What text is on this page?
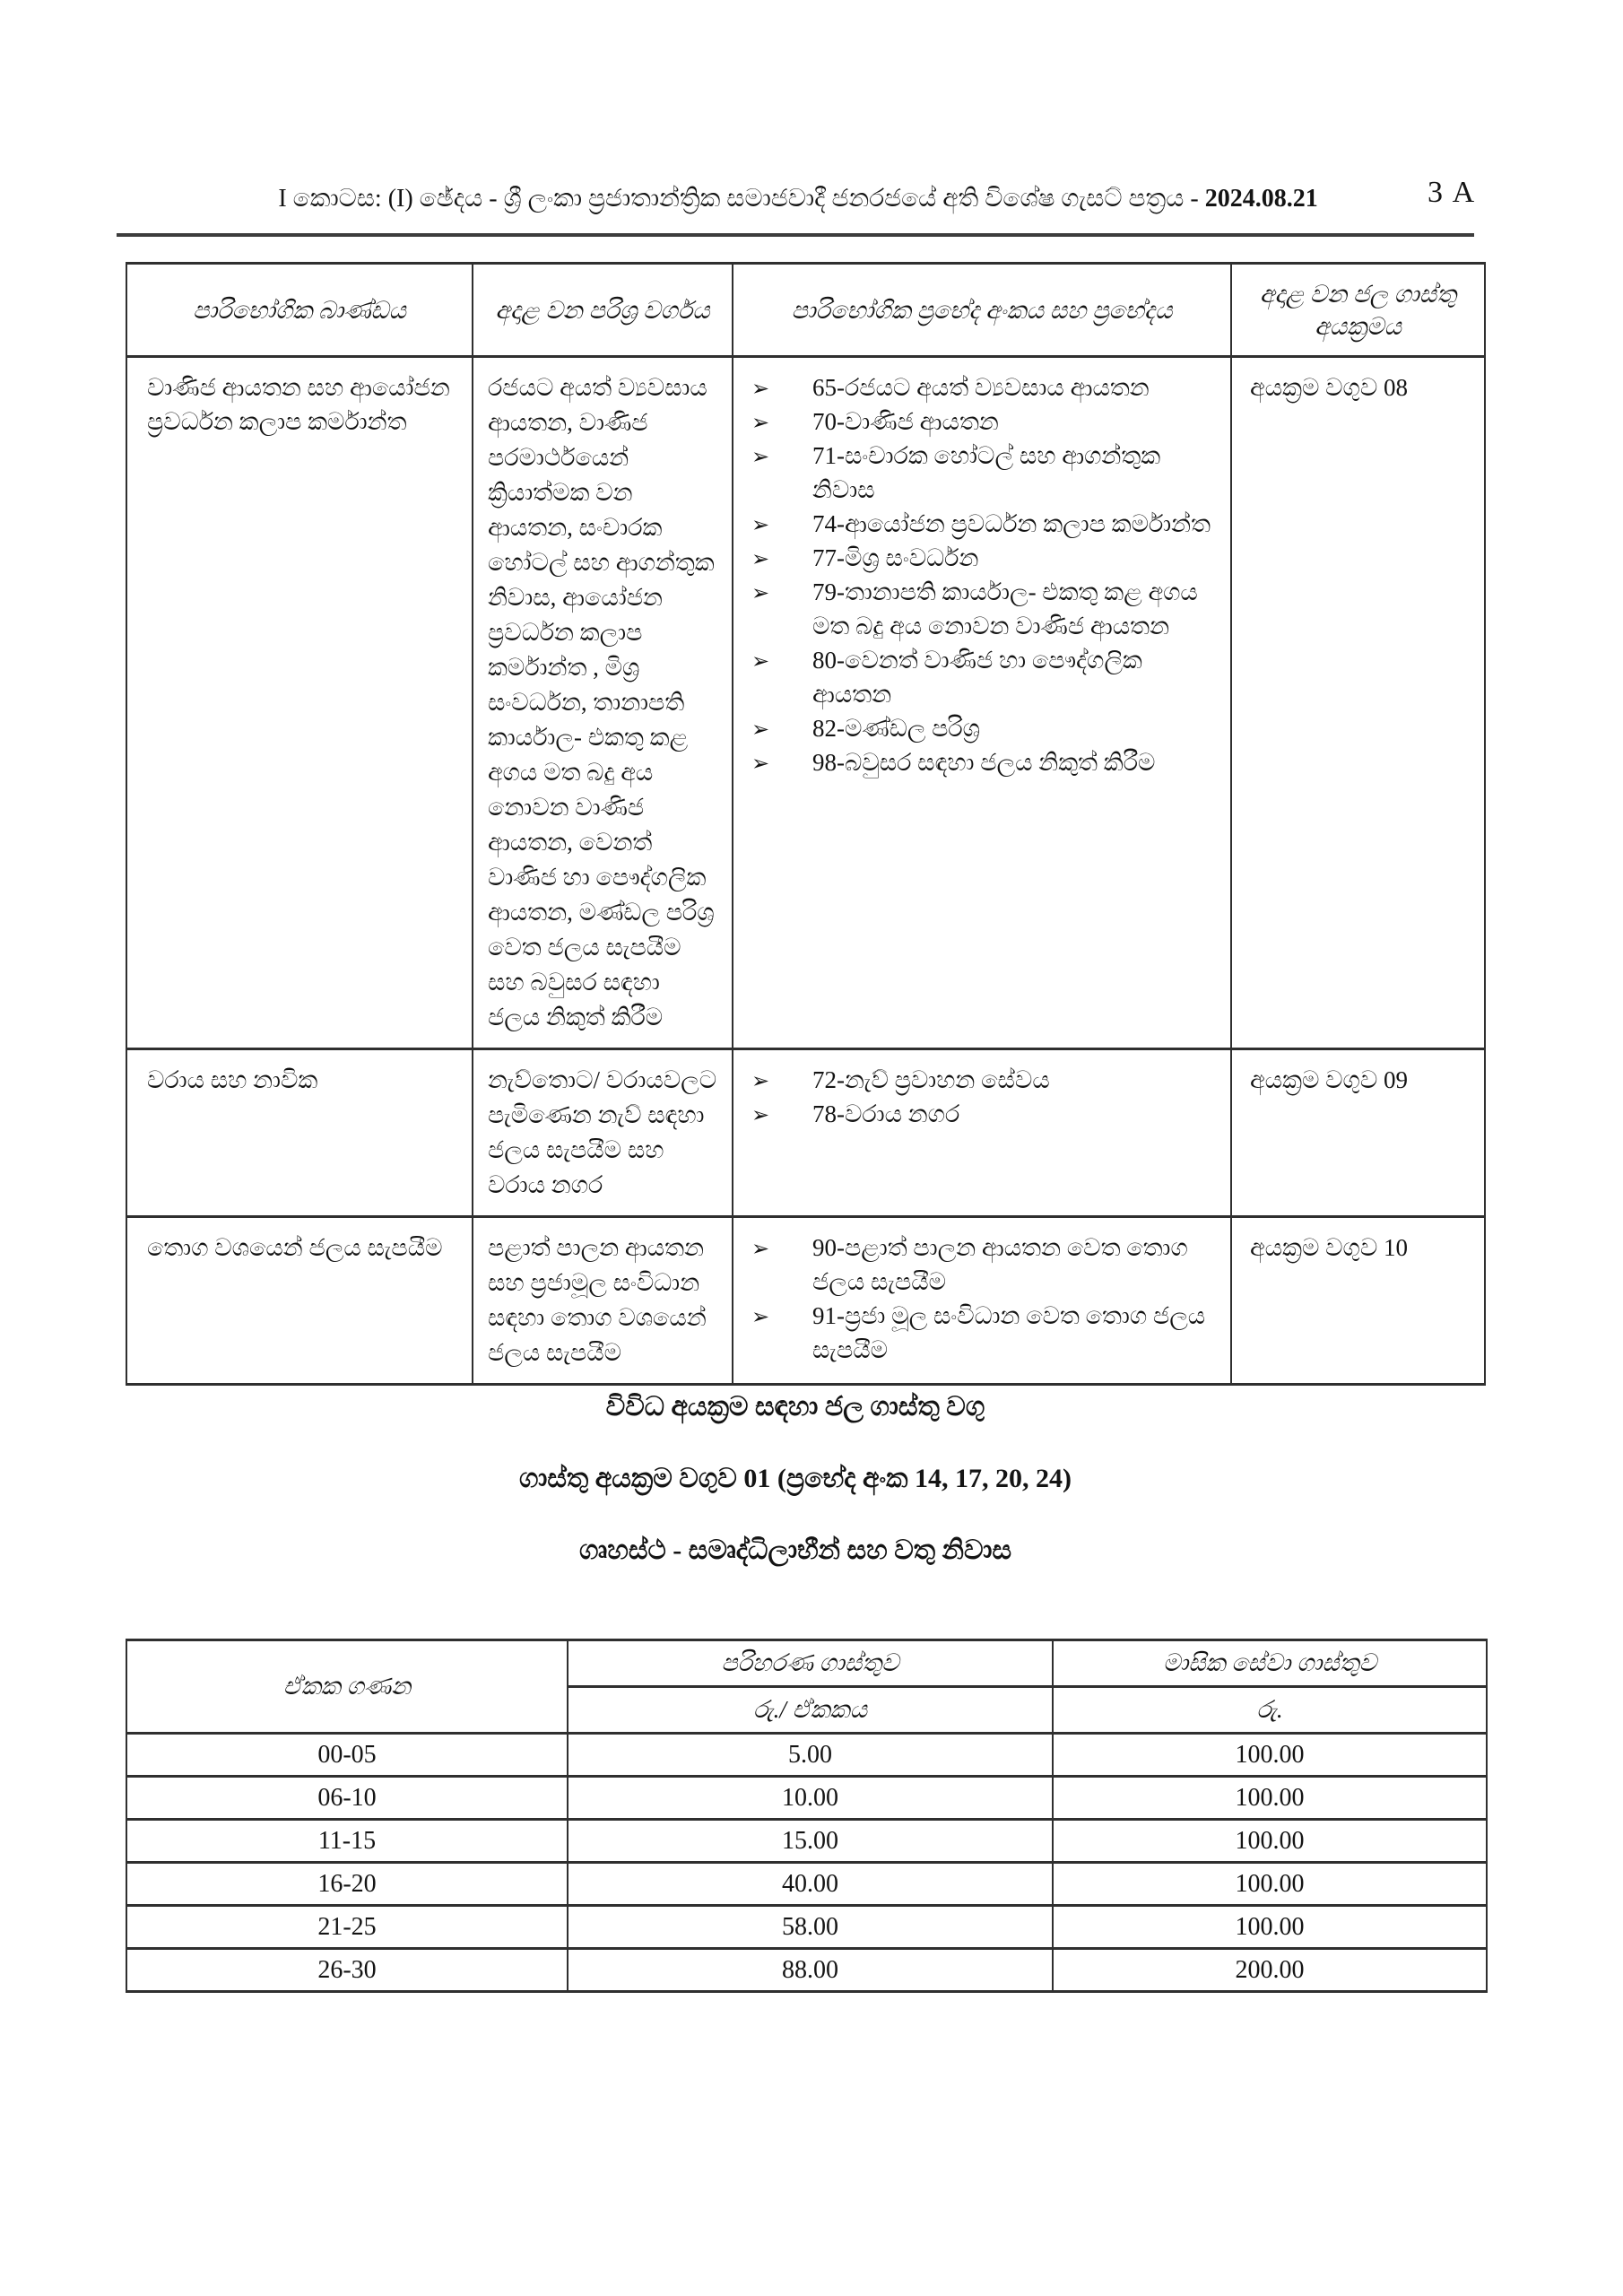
I කොටස: (I) ඡේදය - ශ්‍රී ලංකා ප්‍රජාතාන්ත්‍රික සමාජවාදී ජනරජයේ අති විශේෂ ගැසට් පත්‍රය - 2024.08.21	3 A
පාරිභෝගික බාණ්ඩය	අදාළ වන පරිශ්‍ර වර්ගය	පාරිභෝගික ප්‍රභේද අංකය සහ ප්‍රභේදය	අදාළ වන ජල ගාස්තු අයක්‍රමය
වාණිජ ආයතන සහ ආයෝජන ප්‍රවර්ධන කලාප කර්මාන්ත	රජයට අයත් ව්‍යවසාය ආයතන, වාණිජ පරමාර්ථයෙන් ක්‍රියාත්මක වන ආයතන, සංචාරක හෝටල් සහ ආගන්තුක නිවාස, ආයෝජන ප්‍රවර්ධන කලාප කර්මාන්ත , මිශ්‍ර සංවර්ධන, තානාපති කාර්යාල- එකතු කළ අගය මත බදු අය නොවන වාණිජ ආයතන, වෙනත් වාණිජ හා පෞද්ගලික ආයතන, මණ්ඩල පරිශ්‍ර වෙත ජලය සැපයීම සහ බවුසර සඳහා ජලය නිකුත් කිරීම	
➢ 65-රජයට අයත් ව්‍යවසාය ආයතන
➢ 70-වාණිජ ආයතන
➢ 71-සංචාරක හෝටල් සහ ආගන්තුක නිවාස
➢ 74-ආයෝජන ප්‍රවර්ධන කලාප කර්මාන්ත
➢ 77-මිශ්‍ර සංවර්ධන
➢ 79-තානාපති කාර්යාල- එකතු කළ අගය මත බදු අය නොවන වාණිජ ආයතන
➢ 80-වෙනත් වාණිජ හා පෞද්ගලික ආයතන
➢ 82-මණ්ඩල පරිශ්‍ර
➢ 98-බවුසර සඳහා ජලය නිකුත් කිරීම
	අයක්‍රම වගුව 08
වරාය සහ නාවික	නැව්තොට/ වරායවලට පැමිණෙන නැව් සඳහා ජලය සැපයීම සහ වරාය නගර	➢ 72-නැව් ප්‍රවාහන සේවය
➢ 78-වරාය නගර	අයක්‍රම වගුව 09
තොග වශයෙන් ජලය සැපයීම	පළාත් පාලන ආයතන සහ ප්‍රජාමූල සංවිධාන සඳහා තොග වශයෙන් ජලය සැපයීම	➢ 90-පළාත් පාලන ආයතන වෙත තොග ජලය සැපයීම
➢ 91-ප්‍රජා මූල සංවිධාන වෙත තොග ජලය සැපයීම	අයක්‍රම වගුව 10
විවිධ අයක්‍රම සඳහා ජල ගාස්තු වගු
ගාස්තු අයක්‍රම වගුව 01 (ප්‍රභේද අංක 14, 17, 20, 24)
ගෘහස්ථ - සමෘද්ධිලාභීන් සහ වතු නිවාස
ඒකක ගණන	පරිහරණ ගාස්තුව	මාසික සේවා ගාස්තුව
	රු./ ඒකකය	රු.
00-05	5.00	100.00
06-10	10.00	100.00
11-15	15.00	100.00
16-20	40.00	100.00
21-25	58.00	100.00
26-30	88.00	200.00
